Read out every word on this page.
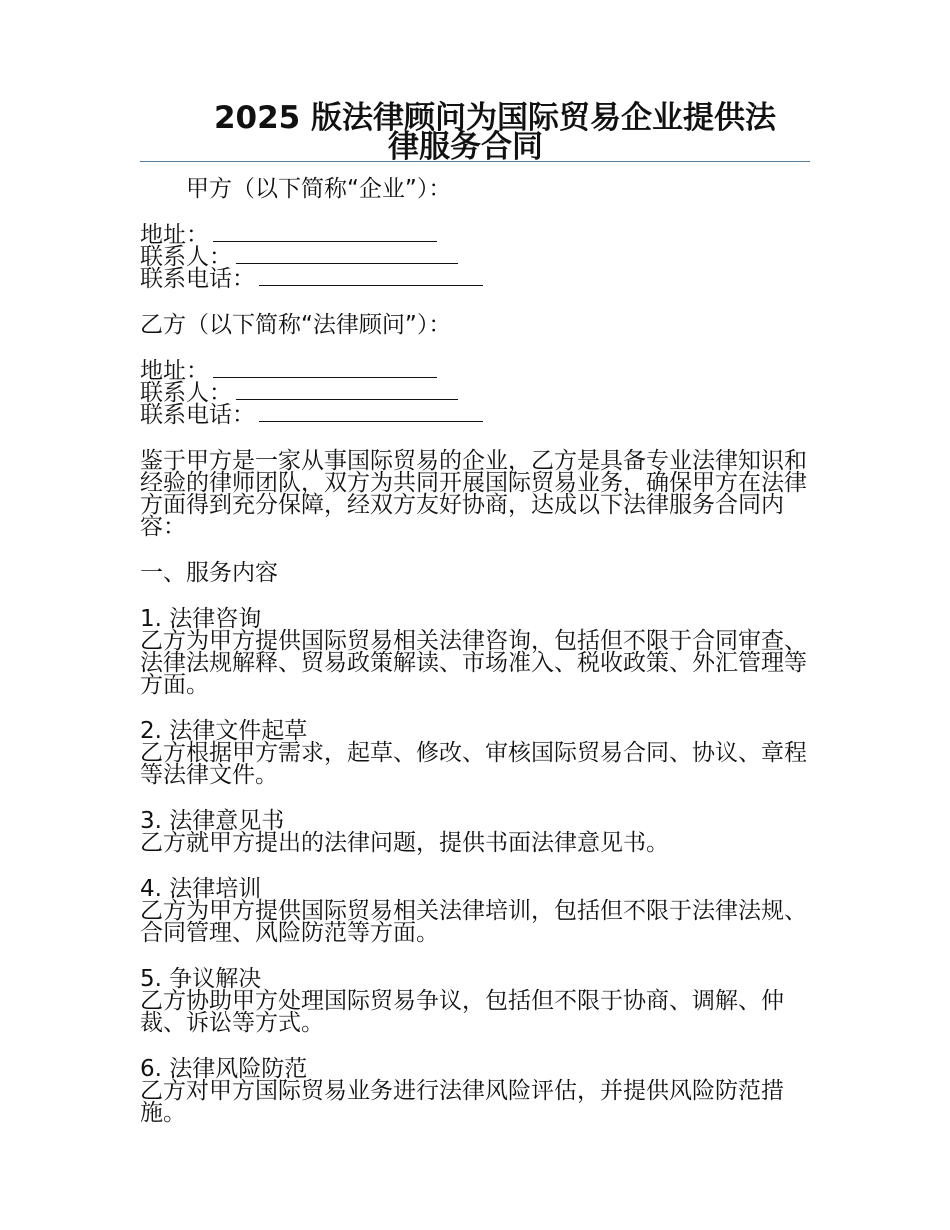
2025 版法律顾问为国际贸易企业提供法
律服务合同

甲方（以下简称“企业”）：

地址：

联系人：

联系电话：

乙方（以下简称“法律顾问”）：

地址：

联系人：

联系电话：

鉴于甲方是一家从事国际贸易的企业，乙方是具备专业法律知识和经验的律师团队，双方为共同开展国际贸易业务，确保甲方在法律方面得到充分保障，经双方友好协商，达成以下法律服务合同内容：

一、服务内容

1. 法律咨询

乙方为甲方提供国际贸易相关法律咨询，包括但不限于合同审查、法律法规解释、贸易政策解读、市场准入、税收政策、外汇管理等方面。

2. 法律文件起草

乙方根据甲方需求，起草、修改、审核国际贸易合同、协议、章程等法律文件。

3. 法律意见书

乙方就甲方提出的法律问题，提供书面法律意见书。

4. 法律培训

乙方为甲方提供国际贸易相关法律培训，包括但不限于法律法规、合同管理、风险防范等方面。

5. 争议解决

乙方协助甲方处理国际贸易争议，包括但不限于协商、调解、仲裁、诉讼等方式。

6. 法律风险防范

乙方对甲方国际贸易业务进行法律风险评估，并提供风险防范措施。
